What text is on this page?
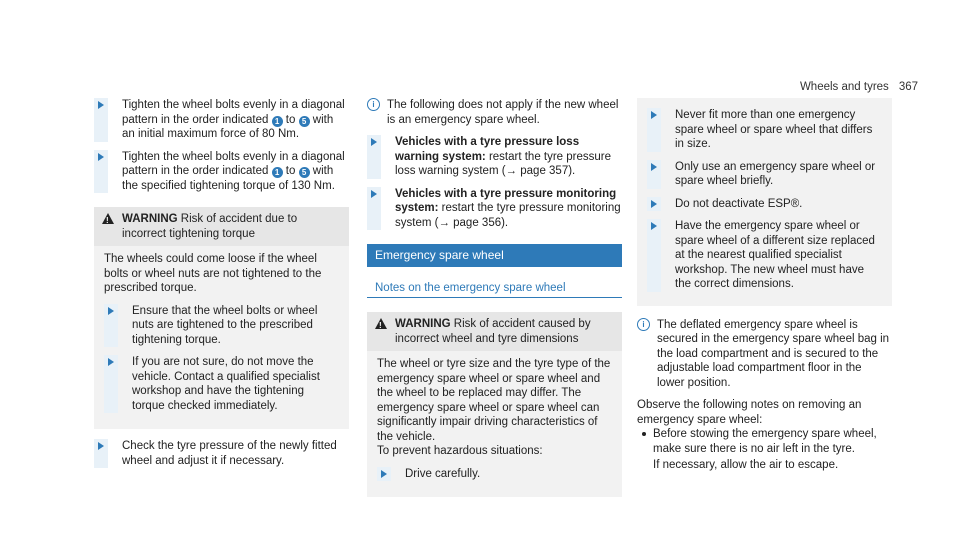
Wheels and tyres 367
Tighten the wheel bolts evenly in a diagonal pattern in the order indicated 1 to 5 with an initial maximum force of 80 Nm.
Tighten the wheel bolts evenly in a diagonal pattern in the order indicated 1 to 5 with the specified tightening torque of 130 Nm.
!
WARNING Risk of accident due to incorrect tightening torque

The wheels could come loose if the wheel bolts or wheel nuts are not tightened to the prescribed torque.

Ensure that the wheel bolts or wheel nuts are tightened to the prescribed tightening torque.
If you are not sure, do not move the vehicle. Contact a qualified specialist workshop and have the tightening torque checked immediately.
Check the tyre pressure of the newly fitted wheel and adjust it if necessary.
i	The following does not apply if the new wheel is an emergency spare wheel.
Vehicles with a tyre pressure loss warning system: restart the tyre pressure loss warning system (→ page 357).
Vehicles with a tyre pressure monitoring system: restart the tyre pressure monitoring system (→ page 356).
Emergency spare wheel
Notes on the emergency spare wheel
!
WARNING Risk of accident caused by incorrect wheel and tyre dimensions

The wheel or tyre size and the tyre type of the emergency spare wheel or spare wheel and the wheel to be replaced may differ. The emergency spare wheel or spare wheel can significantly impair driving characteristics of the vehicle.

To prevent hazardous situations:

Drive carefully.
Never fit more than one emergency spare wheel or spare wheel that differs in size.
Only use an emergency spare wheel or spare wheel briefly.
Do not deactivate ESP®.
Have the emergency spare wheel or spare wheel of a different size replaced at the nearest qualified specialist workshop. The new wheel must have the correct dimensions.
i	The deflated emergency spare wheel is secured in the emergency spare wheel bag in the load compartment and is secured to the adjustable load compartment floor in the lower position.

Observe the following notes on removing an emergency spare wheel:

Before stowing the emergency spare wheel, make sure there is no air left in the tyre.

If necessary, allow the air to escape.
